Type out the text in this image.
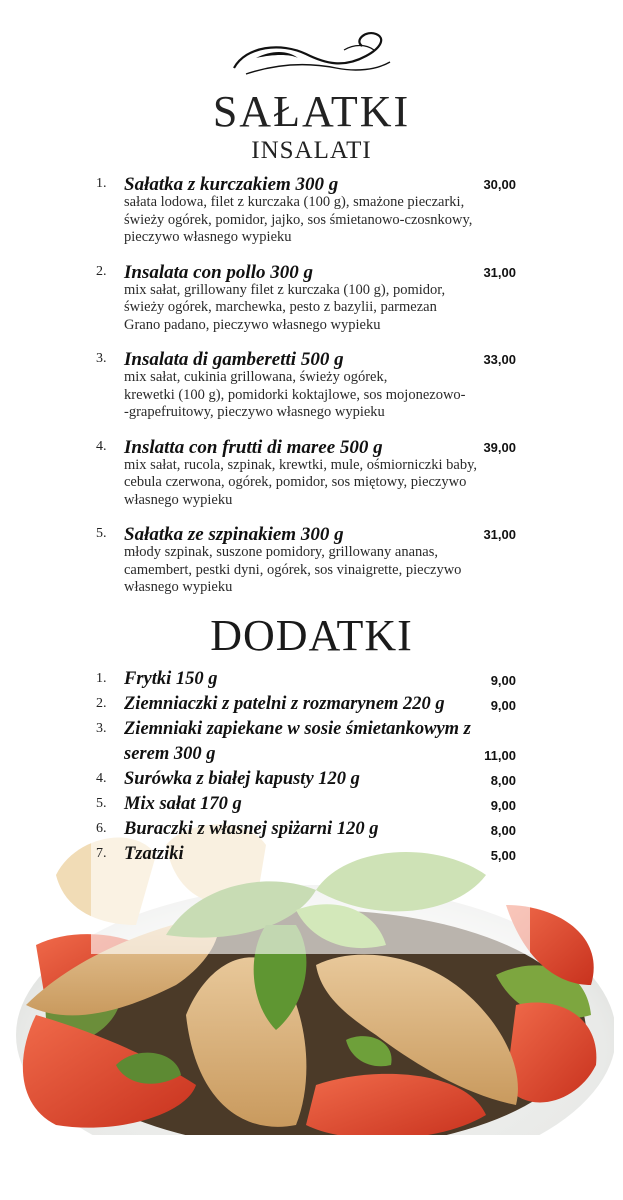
SAŁATKI
INSALATI
1. Sałatka z kurczakiem 300 g	30,00
sałata lodowa, filet z kurczaka (100 g), smażone pieczarki,
świeży ogórek, pomidor, jajko, sos śmietanowo-czosnkowy,
pieczywo własnego wypieku
2. Insalata con pollo 300 g	31,00
mix sałat, grillowany filet z kurczaka (100 g), pomidor,
świeży ogórek, marchewka, pesto z bazylii, parmezan
Grano padano, pieczywo własnego wypieku
3. Insalata di gamberetti 500 g	33,00
mix sałat, cukinia grillowana, świeży ogórek,
krewetki (100 g), pomidorki koktajlowe, sos mojonezowo-
-grapefruitowy, pieczywo własnego wypieku
4. Inslatta con frutti di maree 500 g	39,00
mix sałat, rucola, szpinak, krewtki, mule, ośmiorniczki baby,
cebula czerwona, ogórek, pomidor, sos miętowy, pieczywo
własnego wypieku
5. Sałatka ze szpinakiem 300 g	31,00
młody szpinak, suszone pomidory, grillowany ananas,
camembert, pestki dyni, ogórek, sos vinaigrette, pieczywo
własnego wypieku
DODATKI
1. Frytki 150 g	9,00
2. Ziemniaczki z patelni z rozmarynem 220 g	9,00
3. Ziemniaki zapiekane w sosie śmietankowym z serem 300 g	11,00
4. Surówka z białej kapusty 120 g	8,00
5. Mix sałat 170 g	9,00
6. Buraczki z własnej spiżarni 120 g	8,00
7. Tzatziki	5,00
